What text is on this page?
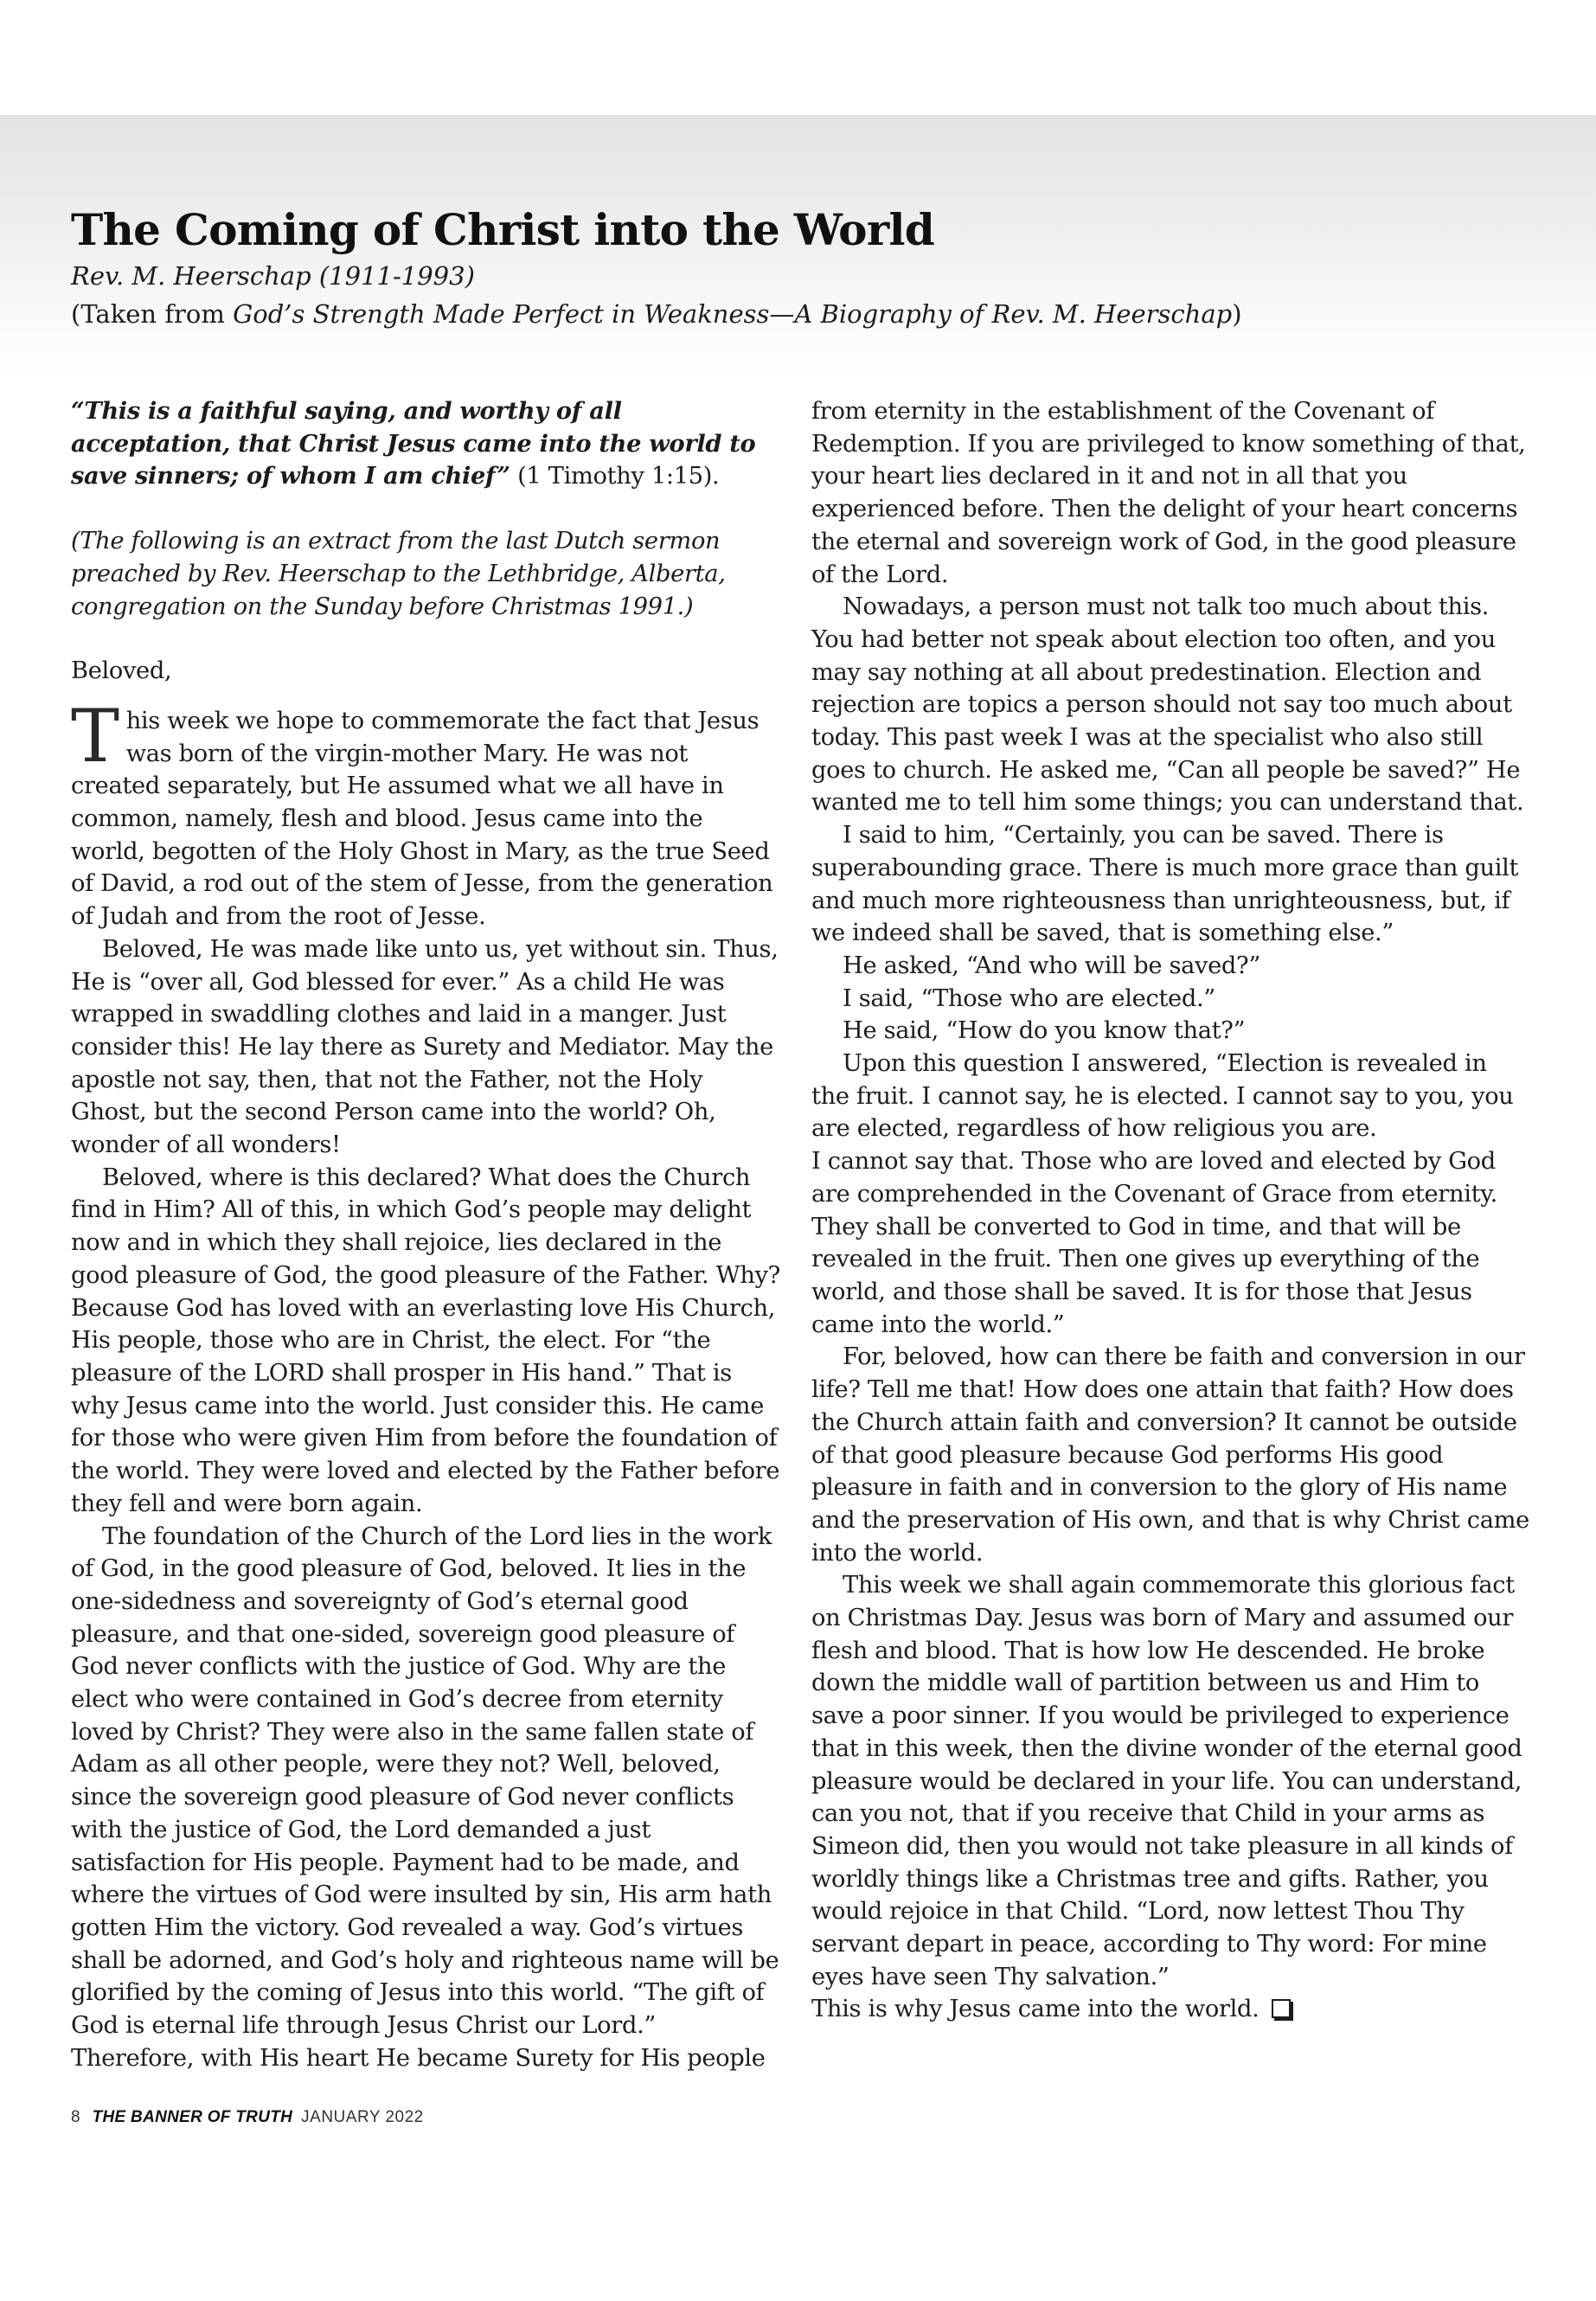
The Coming of Christ into the World

Rev. M. Heerschap (1911-1993)

(Taken from God’s Strength Made Perfect in Weakness—A Biography of Rev. M. Heerschap)

“This is a faithful saying, and worthy of all acceptation, that Christ Jesus came into the world to save sinners; of whom I am chief” (1 Timothy 1:15).

(The following is an extract from the last Dutch sermon preached by Rev. Heerschap to the Lethbridge, Alberta, congregation on the Sunday before Christmas 1991.)

Beloved,

This week we hope to commemorate the fact that Jesus was born of the virgin-mother Mary. He was not created separately, but He assumed what we all have in common, namely, flesh and blood. Jesus came into the world, begotten of the Holy Ghost in Mary, as the true Seed of David, a rod out of the stem of Jesse, from the generation of Judah and from the root of Jesse.

Beloved, He was made like unto us, yet without sin. Thus, He is “over all, God blessed for ever.” As a child He was wrapped in swaddling clothes and laid in a manger. Just consider this! He lay there as Surety and Mediator. May the apostle not say, then, that not the Father, not the Holy Ghost, but the second Person came into the world? Oh, wonder of all wonders!

Beloved, where is this declared? What does the Church find in Him? All of this, in which God’s people may delight now and in which they shall rejoice, lies declared in the good pleasure of God, the good pleasure of the Father. Why? Because God has loved with an everlasting love His Church, His people, those who are in Christ, the elect. For “the pleasure of the LORD shall prosper in His hand.” That is why Jesus came into the world. Just consider this. He came for those who were given Him from before the foundation of the world. They were loved and elected by the Father before they fell and were born again.

The foundation of the Church of the Lord lies in the work of God, in the good pleasure of God, beloved. It lies in the one-sidedness and sovereignty of God’s eternal good pleasure, and that one-sided, sovereign good pleasure of God never conflicts with the justice of God. Why are the elect who were contained in God’s decree from eternity loved by Christ? They were also in the same fallen state of Adam as all other people, were they not? Well, beloved, since the sovereign good pleasure of God never conflicts with the justice of God, the Lord demanded a just satisfaction for His people. Payment had to be made, and where the virtues of God were insulted by sin, His arm hath gotten Him the victory. God revealed a way. God’s virtues shall be adorned, and God’s holy and righteous name will be glorified by the coming of Jesus into this world. “The gift of God is eternal life through Jesus Christ our Lord.” Therefore, with His heart He became Surety for His people

from eternity in the establishment of the Covenant of Redemption. If you are privileged to know something of that, your heart lies declared in it and not in all that you experienced before. Then the delight of your heart concerns the eternal and sovereign work of God, in the good pleasure of the Lord.

Nowadays, a person must not talk too much about this. You had better not speak about election too often, and you may say nothing at all about predestination. Election and rejection are topics a person should not say too much about today. This past week I was at the specialist who also still goes to church. He asked me, “Can all people be saved?” He wanted me to tell him some things; you can understand that.

I said to him, “Certainly, you can be saved. There is superabounding grace. There is much more grace than guilt and much more righteousness than unrighteousness, but, if we indeed shall be saved, that is something else.”

He asked, “And who will be saved?”

I said, “Those who are elected.”

He said, “How do you know that?”

Upon this question I answered, “Election is revealed in the fruit. I cannot say, he is elected. I cannot say to you, you are elected, regardless of how religious you are.

I cannot say that. Those who are loved and elected by God are comprehended in the Covenant of Grace from eternity. They shall be converted to God in time, and that will be revealed in the fruit. Then one gives up everything of the world, and those shall be saved. It is for those that Jesus came into the world.”

For, beloved, how can there be faith and conversion in our life? Tell me that! How does one attain that faith? How does the Church attain faith and conversion? It cannot be outside of that good pleasure because God performs His good pleasure in faith and in conversion to the glory of His name and the preservation of His own, and that is why Christ came into the world.

This week we shall again commemorate this glorious fact on Christmas Day. Jesus was born of Mary and assumed our flesh and blood. That is how low He descended. He broke down the middle wall of partition between us and Him to save a poor sinner. If you would be privileged to experience that in this week, then the divine wonder of the eternal good pleasure would be declared in your life. You can understand, can you not, that if you receive that Child in your arms as Simeon did, then you would not take pleasure in all kinds of worldly things like a Christmas tree and gifts. Rather, you would rejoice in that Child. “Lord, now lettest Thou Thy servant depart in peace, according to Thy word: For mine eyes have seen Thy salvation.”

This is why Jesus came into the world.

8 THE BANNER OF TRUTH JANUARY 2022
